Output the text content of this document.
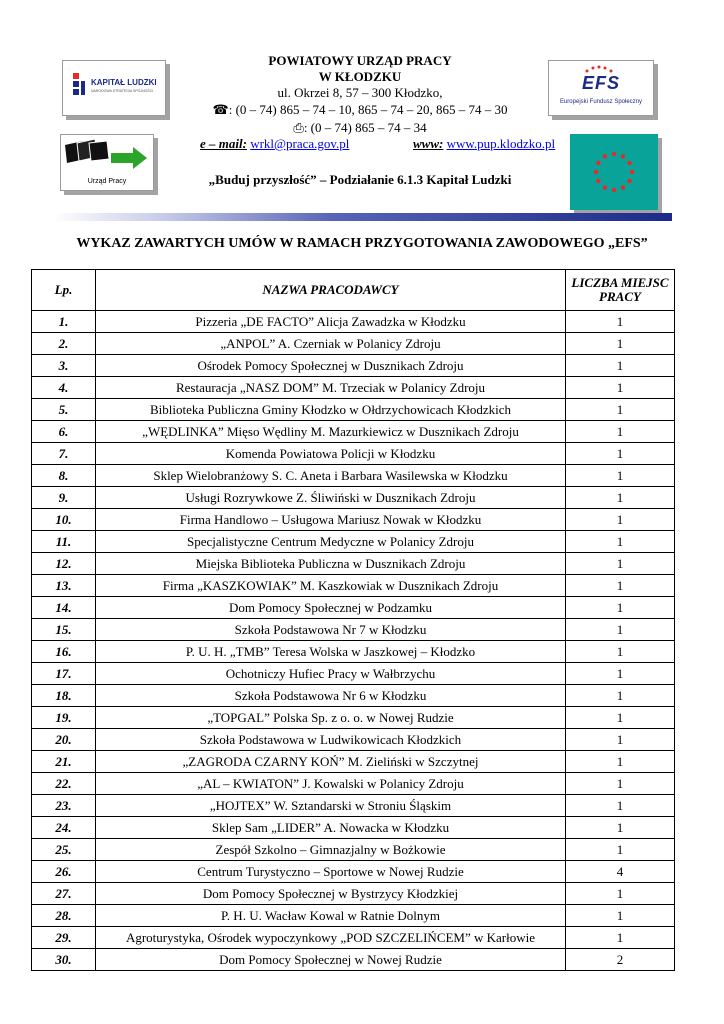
KAPITAŁ LUDZKI
NARODOWA STRATEGIA SPÓJNOŚCI
Urząd Pracy
EFS
Europejski Fundusz Społeczny
POWIATOWY URZĄD PRACY
W KŁODZKU
ul. Okrzei 8, 57 – 300 Kłodzko,
☎: (0 – 74) 865 – 74 – 10, 865 – 74 – 20, 865 – 74 – 30
⎙: (0 – 74) 865 – 74 – 34
e – mail: wrkl@praca.gov.pl	www: www.pup.klodzko.pl
„Buduj przyszłość” – Podziałanie 6.1.3 Kapitał Ludzki
WYKAZ ZAWARTYCH UMÓW W RAMACH PRZYGOTOWANIA ZAWODOWEGO „EFS”
Lp.	NAZWA PRACODAWCY	LICZBA MIEJSC PRACY
1.	Pizzeria „DE FACTO” Alicja Zawadzka w Kłodzku	1
2.	„ANPOL” A. Czerniak w Polanicy Zdroju	1
3.	Ośrodek Pomocy Społecznej w Dusznikach Zdroju	1
4.	Restauracja „NASZ DOM” M. Trzeciak w Polanicy Zdroju	1
5.	Biblioteka Publiczna Gminy Kłodzko w Ołdrzychowicach Kłodzkich	1
6.	„WĘDLINKA” Mięso Wędliny M. Mazurkiewicz w Dusznikach Zdroju	1
7.	Komenda Powiatowa Policji w Kłodzku	1
8.	Sklep Wielobranżowy S. C. Aneta i Barbara Wasilewska w Kłodzku	1
9.	Usługi Rozrywkowe Z. Śliwiński w Dusznikach Zdroju	1
10.	Firma Handlowo – Usługowa Mariusz Nowak w Kłodzku	1
11.	Specjalistyczne Centrum Medyczne w Polanicy Zdroju	1
12.	Miejska Biblioteka Publiczna w Dusznikach Zdroju	1
13.	Firma „KASZKOWIAK” M. Kaszkowiak w Dusznikach Zdroju	1
14.	Dom Pomocy Społecznej w Podzamku	1
15.	Szkoła Podstawowa Nr 7 w Kłodzku	1
16.	P. U. H. „TMB” Teresa Wolska w Jaszkowej – Kłodzko	1
17.	Ochotniczy Hufiec Pracy w Wałbrzychu	1
18.	Szkoła Podstawowa Nr 6 w Kłodzku	1
19.	„TOPGAL” Polska Sp. z o. o. w Nowej Rudzie	1
20.	Szkoła Podstawowa w Ludwikowicach Kłodzkich	1
21.	„ZAGRODA CZARNY KOŃ” M. Zieliński w Szczytnej	1
22.	„AL – KWIATON” J. Kowalski w Polanicy Zdroju	1
23.	„HOJTEX” W. Sztandarski w Stroniu Śląskim	1
24.	Sklep Sam „LIDER” A. Nowacka w Kłodzku	1
25.	Zespół Szkolno – Gimnazjalny w Bożkowie	1
26.	Centrum Turystyczno – Sportowe w Nowej Rudzie	4
27.	Dom Pomocy Społecznej w Bystrzycy Kłodzkiej	1
28.	P. H. U. Wacław Kowal w Ratnie Dolnym	1
29.	Agroturystyka, Ośrodek wypoczynkowy „POD SZCZELIŃCEM” w Karłowie	1
30.	Dom Pomocy Społecznej w Nowej Rudzie	2
